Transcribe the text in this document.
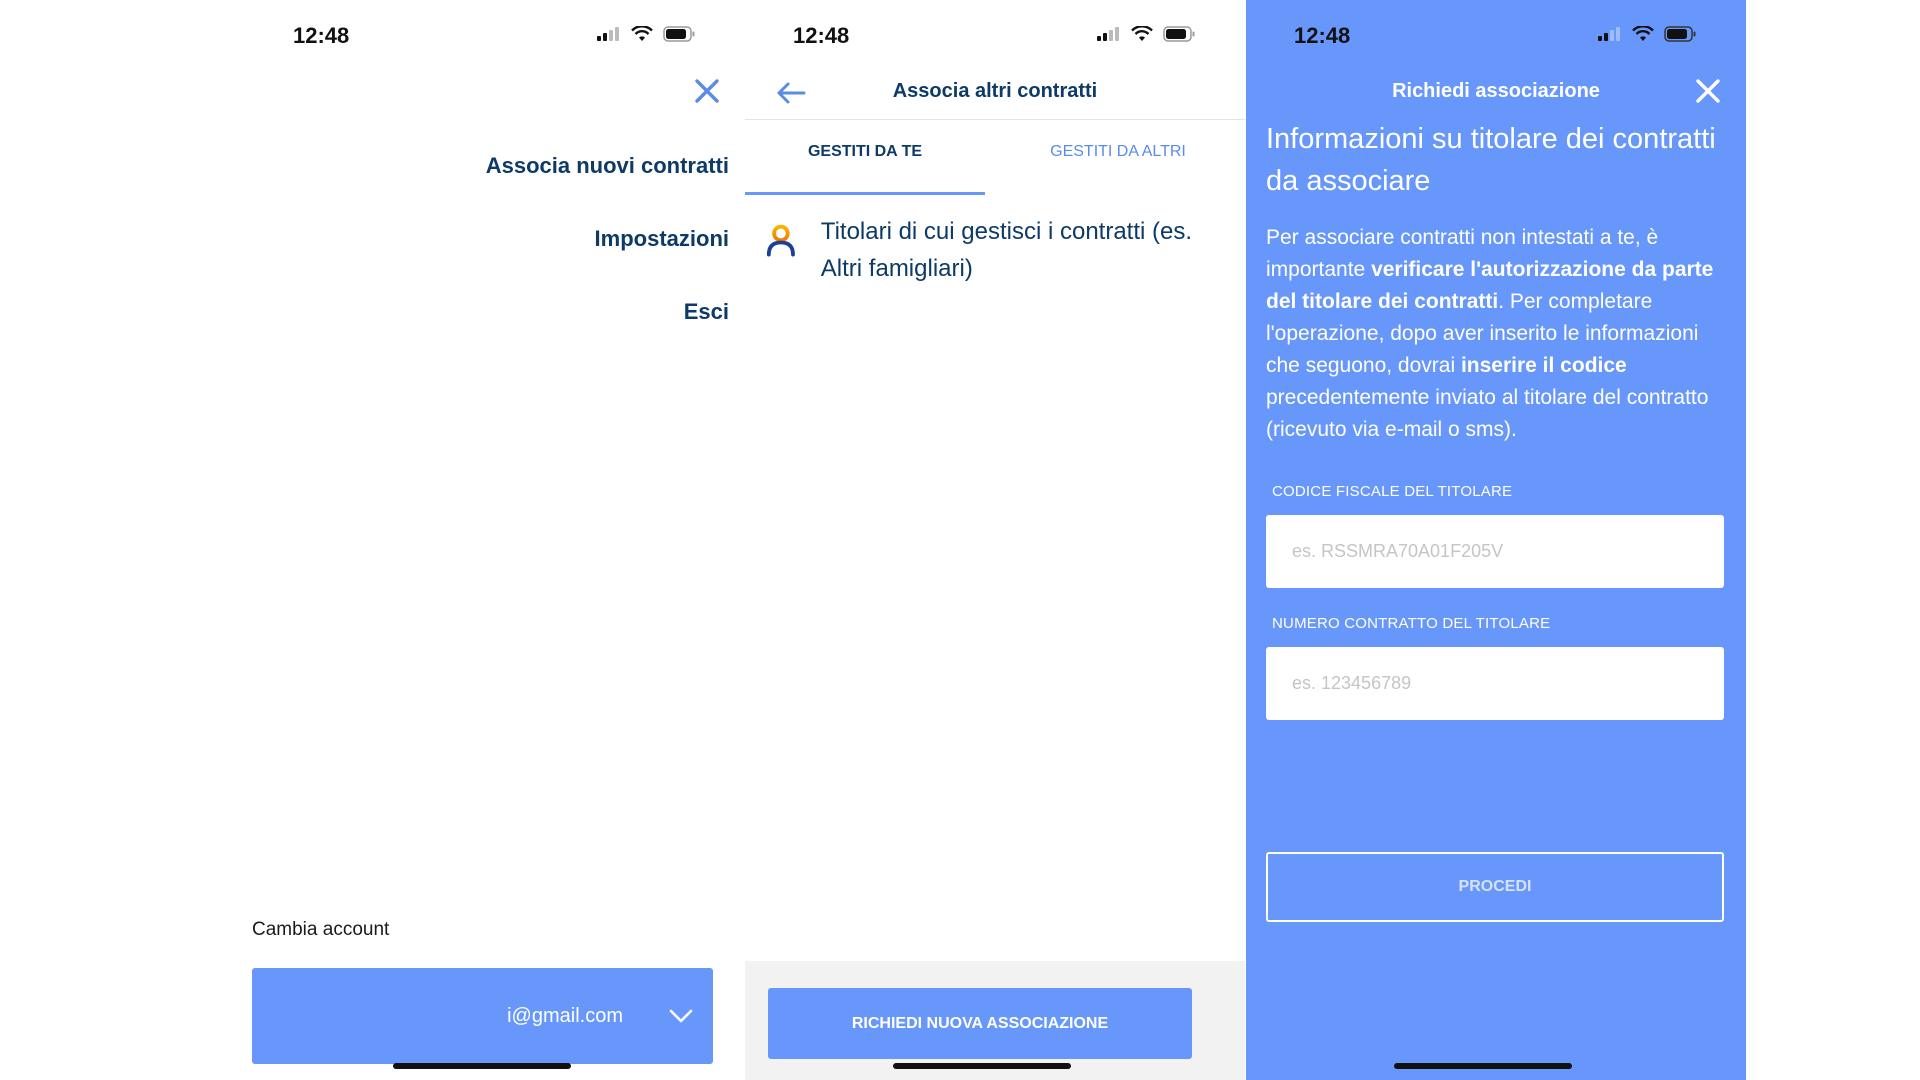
12:48
Associa nuovi contratti
Impostazioni
Esci
Cambia account
i@gmail.com
12:48
Associa altri contratti
GESTITI DA TE	GESTITI DA ALTRI
Titolari di cui gestisci i contratti (es. Altri famigliari)
RICHIEDI NUOVA ASSOCIAZIONE
12:48
Richiedi associazione
Informazioni su titolare dei contratti da associare
Per associare contratti non intestati a te, è importante verificare l'autorizzazione da parte del titolare dei contratti. Per completare l'operazione, dopo aver inserito le informazioni che seguono, dovrai inserire il codice precedentemente inviato al titolare del contratto (ricevuto via e-mail o sms).
CODICE FISCALE DEL TITOLARE
es. RSSMRA70A01F205V
NUMERO CONTRATTO DEL TITOLARE
es. 123456789
PROCEDI
